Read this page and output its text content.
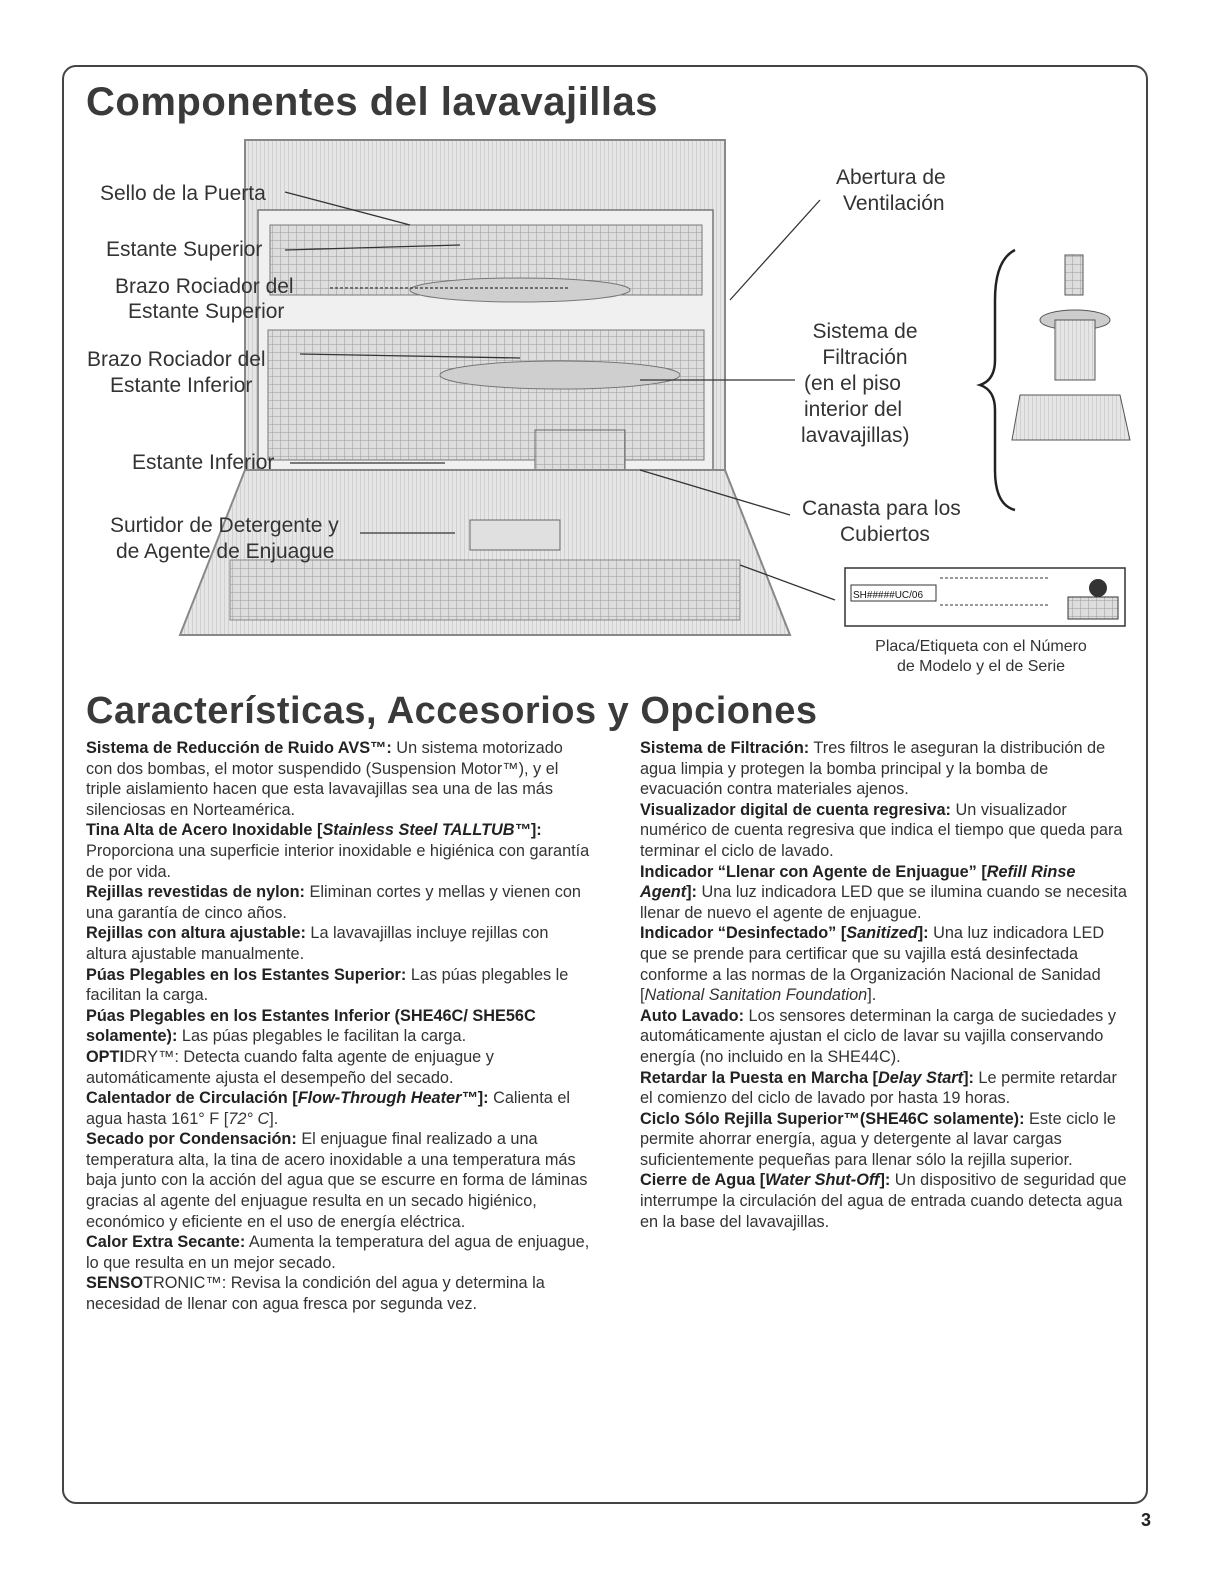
Componentes del lavavajillas
SH#####UC/06
Sello de la Puerta
Estante Superior
Brazo Rociador del
Estante Superior
Brazo Rociador del
Estante Inferior
Estante Inferior
Surtidor de Detergente y
de Agente de Enjuague
Abertura de
Ventilación
Sistema de
Filtración
(en el piso
interior del
lavavajillas)
Canasta para los
Cubiertos
Placa/Etiqueta con el Número
de Modelo y el de Serie
Características, Accesorios y Opciones

Sistema de Reducción de Ruido AVS™: Un sistema motorizado con dos bombas, el motor suspendido (Suspension Motor™), y el triple aislamiento hacen que esta lavavajillas sea una de las más silenciosas en Norteamérica.

Tina Alta de Acero Inoxidable [Stainless Steel TALLTUB™]: Proporciona una superficie interior inoxidable e higiénica con garantía de por vida.

Rejillas revestidas de nylon: Eliminan cortes y mellas y vienen con una garantía de cinco años.

Rejillas con altura ajustable: La lavavajillas incluye rejillas con altura ajustable manualmente.

Púas Plegables en los Estantes Superior: Las púas plegables le facilitan la carga.

Púas Plegables en los Estantes Inferior (SHE46C/ SHE56C solamente): Las púas plegables le facilitan la carga.

OPTIDRY™: Detecta cuando falta agente de enjuague y automáticamente ajusta el desempeño del secado.

Calentador de Circulación [Flow-Through Heater™]: Calienta el agua hasta 161° F [72° C].

Secado por Condensación: El enjuague final realizado a una temperatura alta, la tina de acero inoxidable a una temperatura más baja junto con la acción del agua que se escurre en forma de láminas gracias al agente del enjuague resulta en un secado higiénico, económico y eficiente en el uso de energía eléctrica.

Calor Extra Secante: Aumenta la temperatura del agua de enjuague, lo que resulta en un mejor secado.

SENSOTRONIC™: Revisa la condición del agua y determina la necesidad de llenar con agua fresca por segunda vez.

Sistema de Filtración: Tres filtros le aseguran la distribución de agua limpia y protegen la bomba principal y la bomba de evacuación contra materiales ajenos.

Visualizador digital de cuenta regresiva: Un visualizador numérico de cuenta regresiva que indica el tiempo que queda para terminar el ciclo de lavado.

Indicador “Llenar con Agente de Enjuague” [Refill Rinse Agent]: Una luz indicadora LED que se ilumina cuando se necesita llenar de nuevo el agente de enjuague.

Indicador “Desinfectado” [Sanitized]: Una luz indicadora LED que se prende para certificar que su vajilla está desinfectada conforme a las normas de la Organización Nacional de Sanidad [National Sanitation Foundation].

Auto Lavado: Los sensores determinan la carga de suciedades y automáticamente ajustan el ciclo de lavar su vajilla conservando energía (no incluido en la SHE44C).

Retardar la Puesta en Marcha [Delay Start]: Le permite retardar el comienzo del ciclo de lavado por hasta 19 horas.

Ciclo Sólo Rejilla Superior™(SHE46C solamente): Este ciclo le permite ahorrar energía, agua y detergente al lavar cargas suficientemente pequeñas para llenar sólo la rejilla superior.

Cierre de Agua [Water Shut-Off]: Un dispositivo de seguridad que interrumpe la circulación del agua de entrada cuando detecta agua en la base del lavavajillas.

3
